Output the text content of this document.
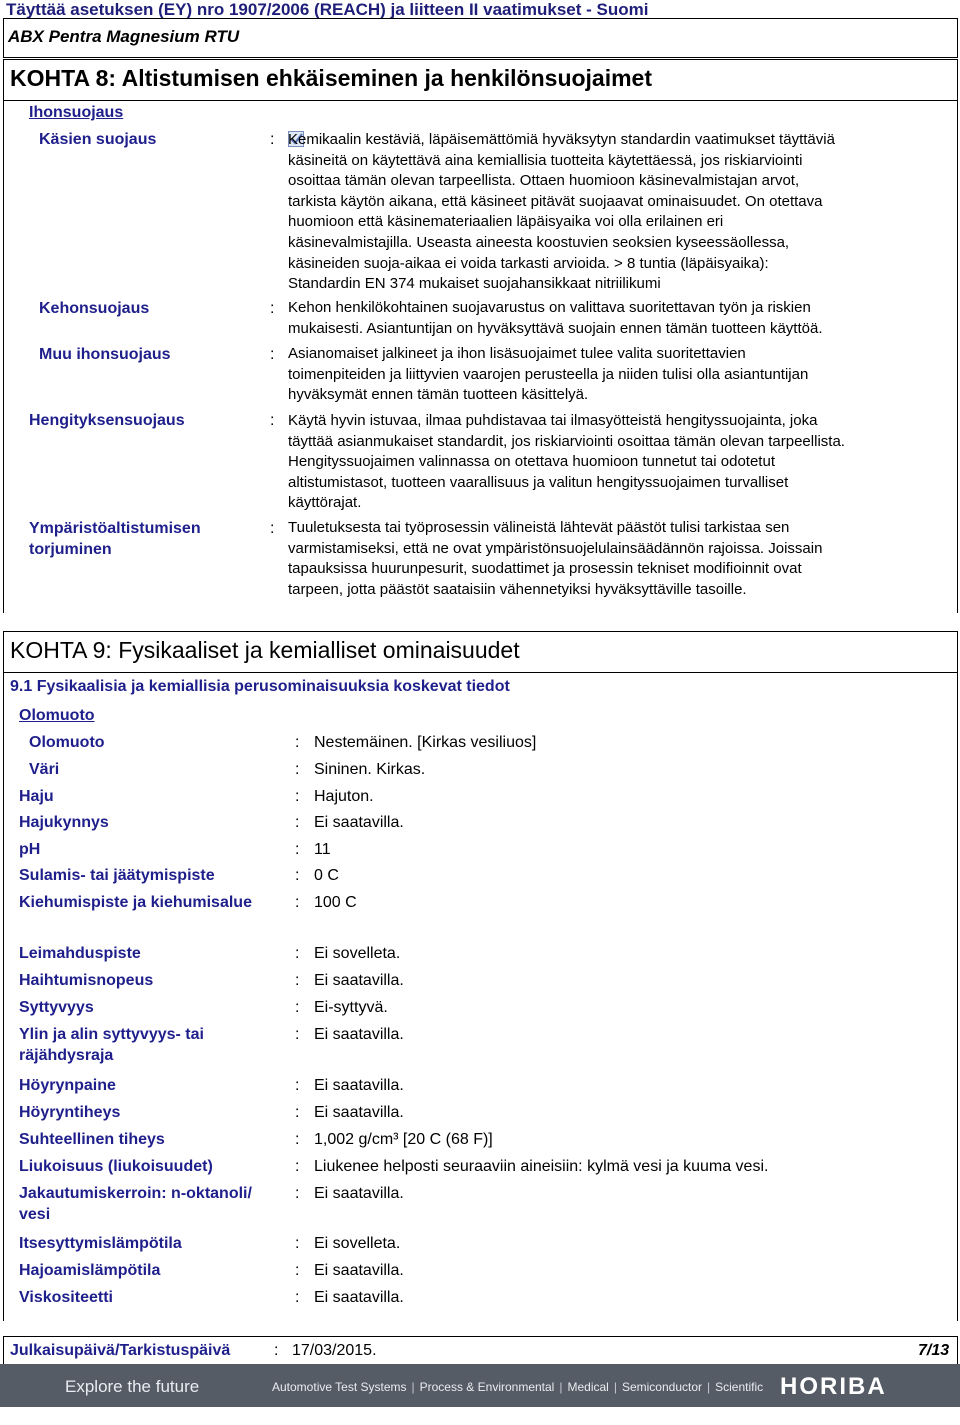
Täyttää asetuksen (EY) nro 1907/2006 (REACH) ja liitteen II vaatimukset - Suomi
ABX Pentra Magnesium RTU
KOHTA 8: Altistumisen ehkäiseminen ja henkilönsuojaimet
Ihonsuojaus
Käsien suojaus	: Kemikaalin kestäviä, läpäisemättömiä hyväksytyn standardin vaatimukset täyttäviä
käsineitä on käytettävä aina kemiallisia tuotteita käytettäessä, jos riskiarviointi
osoittaa tämän olevan tarpeellista. Ottaen huomioon käsinevalmistajan arvot,
tarkista käytön aikana, että käsineet pitävät suojaavat ominaisuudet. On otettava
huomioon että käsinemateriaalien läpäisyaika voi olla erilainen eri
käsinevalmistajilla. Useasta aineesta koostuvien seoksien kyseessäollessa,
käsineiden suoja-aikaa ei voida tarkasti arvioida. > 8 tuntia (läpäisyaika):
Standardin EN 374 mukaiset suojahansikkaat nitriilikumi
Kehonsuojaus	: Kehon henkilökohtainen suojavarustus on valittava suoritettavan työn ja riskien
mukaisesti. Asiantuntijan on hyväksyttävä suojain ennen tämän tuotteen käyttöä.
Muu ihonsuojaus	: Asianomaiset jalkineet ja ihon lisäsuojaimet tulee valita suoritettavien
toimenpiteiden ja liittyvien vaarojen perusteella ja niiden tulisi olla asiantuntijan
hyväksymät ennen tämän tuotteen käsittelyä.
Hengityksensuojaus	: Käytä hyvin istuvaa, ilmaa puhdistavaa tai ilmasyötteistä hengityssuojainta, joka
täyttää asianmukaiset standardit, jos riskiarviointi osoittaa tämän olevan tarpeellista.
Hengityssuojaimen valinnassa on otettava huomioon tunnetut tai odotetut
altistumistasot, tuotteen vaarallisuus ja valitun hengityssuojaimen turvalliset
käyttörajat.
Ympäristöaltistumisen
torjuminen
: Tuuletuksesta tai työprosessin välineistä lähtevät päästöt tulisi tarkistaa sen
varmistamiseksi, että ne ovat ympäristönsuojelulainsäädännön rajoissa. Joissain
tapauksissa huurunpesurit, suodattimet ja prosessin tekniset modifioinnit ovat
tarpeen, jotta päästöt saataisiin vähennetyiksi hyväksyttäville tasoille.
KOHTA 9: Fysikaaliset ja kemialliset ominaisuudet
9.1 Fysikaalisia ja kemiallisia perusominaisuuksia koskevat tiedot
Olomuoto
Olomuoto	: Nestemäinen. [Kirkas vesiliuos]
Väri	: Sininen. Kirkas.
Haju	: Hajuton.
Hajukynnys	: Ei saatavilla.
pH	: 11
Sulamis- tai jäätymispiste	: 0 C
Kiehumispiste ja kiehumisalue	: 100 C
Leimahduspiste	: Ei sovelleta.
Haihtumisnopeus	: Ei saatavilla.
Syttyvyys	: Ei-syttyvä.
Ylin ja alin syttyvyys- tai
räjähdysraja
: Ei saatavilla.
Höyrynpaine	: Ei saatavilla.
Höyryntiheys	: Ei saatavilla.
Suhteellinen tiheys	: 1,002 g/cm³ [20 C (68 F)]
Liukoisuus (liukoisuudet)	: Liukenee helposti seuraaviin aineisiin: kylmä vesi ja kuuma vesi.
Jakautumiskerroin: n-oktanoli/
vesi
: Ei saatavilla.
Itsesyttymislämpötila	: Ei sovelleta.
Hajoamislämpötila	: Ei saatavilla.
Viskositeetti	: Ei saatavilla.
Julkaisupäivä/Tarkistuspäivä	: 17/03/2015.	7/13
Explore the future	Automotive Test Systems | Process & Environmental | Medical | Semiconductor | Scientific HORIBA
